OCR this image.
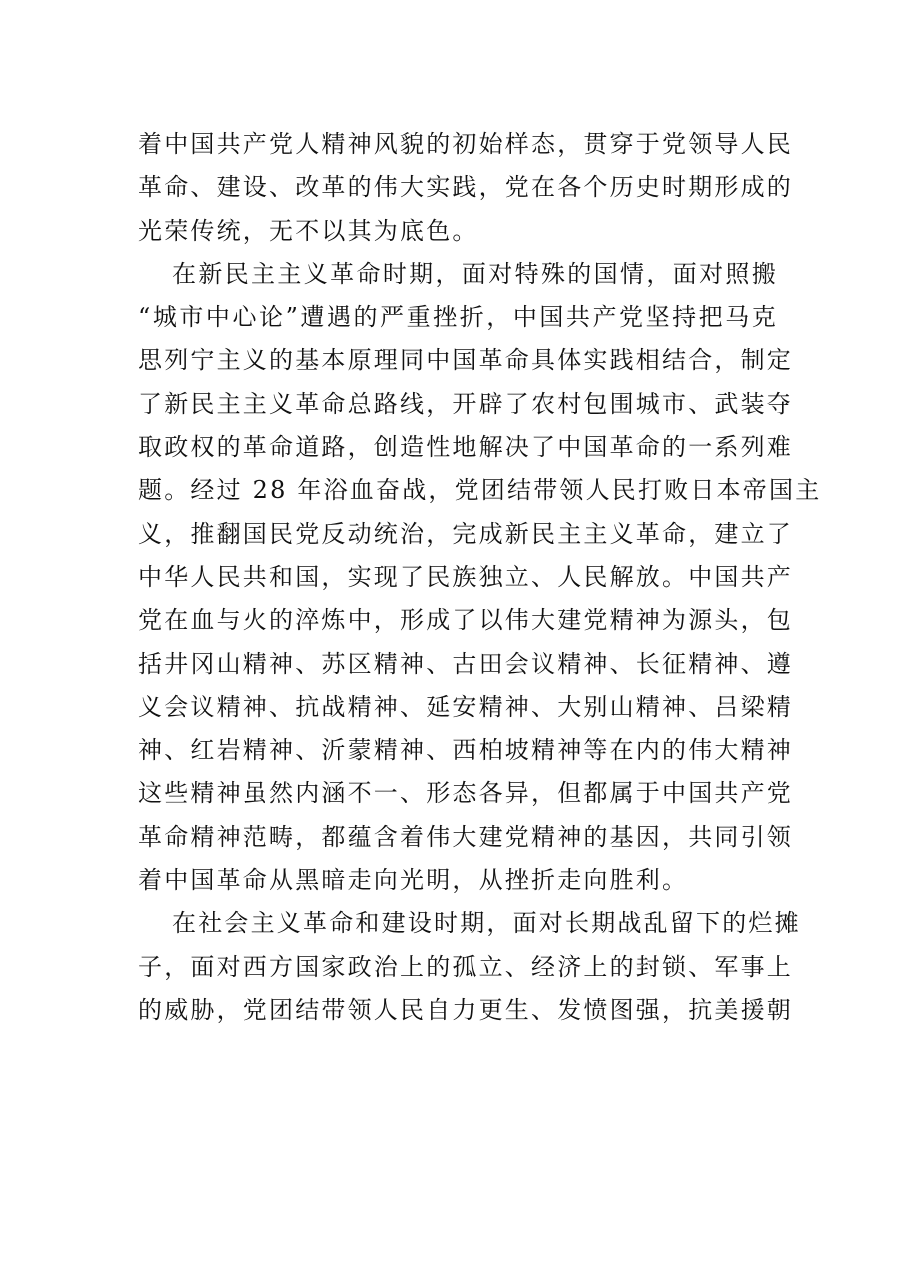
着中国共产党人精神风貌的初始样态，贯穿于党领导人民
革命、建设、改革的伟大实践，党在各个历史时期形成的
光荣传统，无不以其为底色。
在新民主主义革命时期，面对特殊的国情，面对照搬
“城市中心论”遭遇的严重挫折，中国共产党坚持把马克
思列宁主义的基本原理同中国革命具体实践相结合，制定
了新民主主义革命总路线，开辟了农村包围城市、武装夺
取政权的革命道路，创造性地解决了中国革命的一系列难
题。经过 28 年浴血奋战，党团结带领人民打败日本帝国主
义，推翻国民党反动统治，完成新民主主义革命，建立了
中华人民共和国，实现了民族独立、人民解放。中国共产
党在血与火的淬炼中，形成了以伟大建党精神为源头，包
括井冈山精神、苏区精神、古田会议精神、长征精神、遵
义会议精神、抗战精神、延安精神、大别山精神、吕梁精
神、红岩精神、沂蒙精神、西柏坡精神等在内的伟大精神
这些精神虽然内涵不一、形态各异，但都属于中国共产党
革命精神范畴，都蕴含着伟大建党精神的基因，共同引领
着中国革命从黑暗走向光明，从挫折走向胜利。
在社会主义革命和建设时期，面对长期战乱留下的烂摊
子，面对西方国家政治上的孤立、经济上的封锁、军事上
的威胁，党团结带领人民自力更生、发愤图强，抗美援朝
